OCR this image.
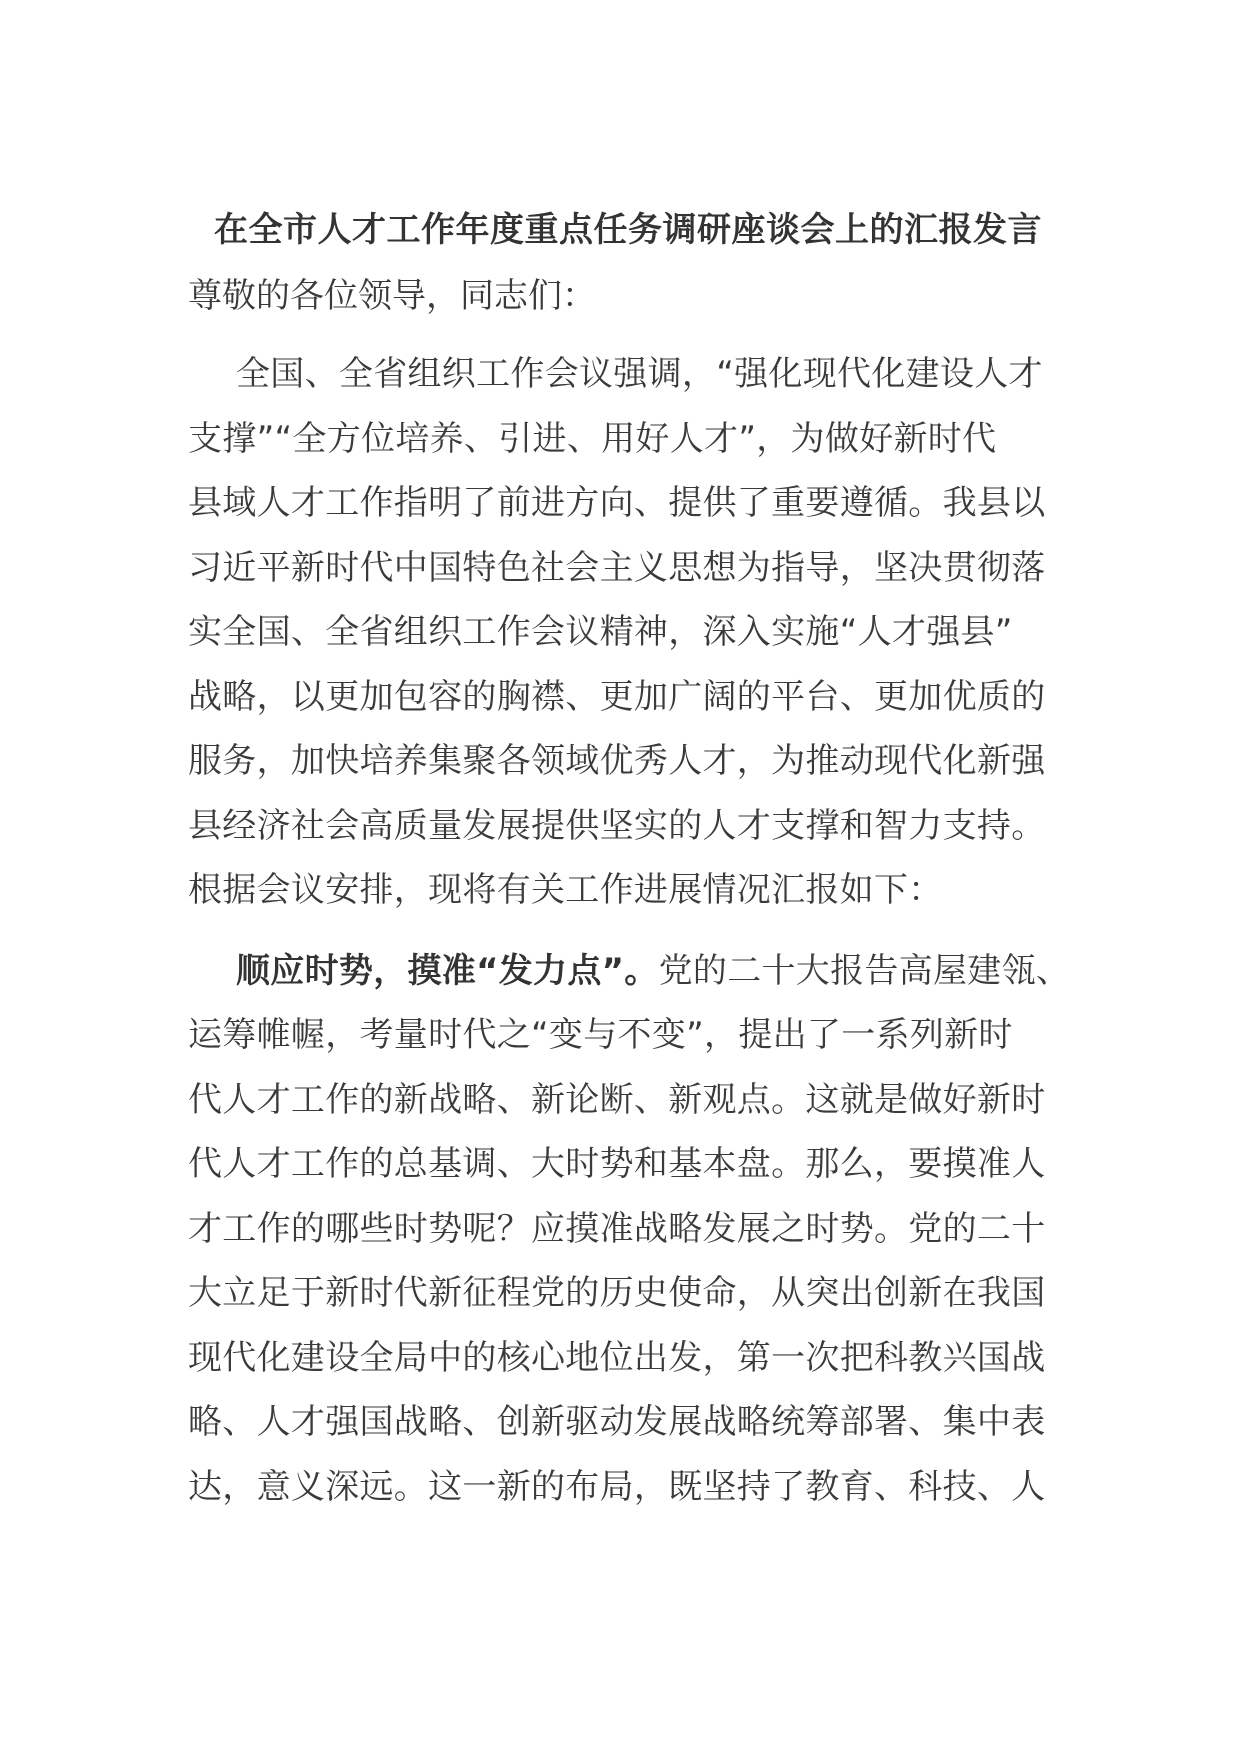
在全市人才工作年度重点任务调研座谈会上的汇报发言

尊敬的各位领导，同志们：

全国、全省组织工作会议强调，“强化现代化建设人才
支撑”“全方位培养、引进、用好人才”，为做好新时代
县域人才工作指明了前进方向、提供了重要遵循。我县以
习近平新时代中国特色社会主义思想为指导，坚决贯彻落
实全国、全省组织工作会议精神，深入实施“人才强县”
战略，以更加包容的胸襟、更加广阔的平台、更加优质的
服务，加快培养集聚各领域优秀人才，为推动现代化新强
县经济社会高质量发展提供坚实的人才支撑和智力支持。
根据会议安排，现将有关工作进展情况汇报如下：
顺应时势，摸准“发力点”。党的二十大报告高屋建瓴、
运筹帷幄，考量时代之“变与不变”，提出了一系列新时
代人才工作的新战略、新论断、新观点。这就是做好新时
代人才工作的总基调、大时势和基本盘。那么，要摸准人
才工作的哪些时势呢？应摸准战略发展之时势。党的二十
大立足于新时代新征程党的历史使命，从突出创新在我国
现代化建设全局中的核心地位出发，第一次把科教兴国战
略、人才强国战略、创新驱动发展战略统筹部署、集中表
达，意义深远。这一新的布局，既坚持了教育、科技、人
